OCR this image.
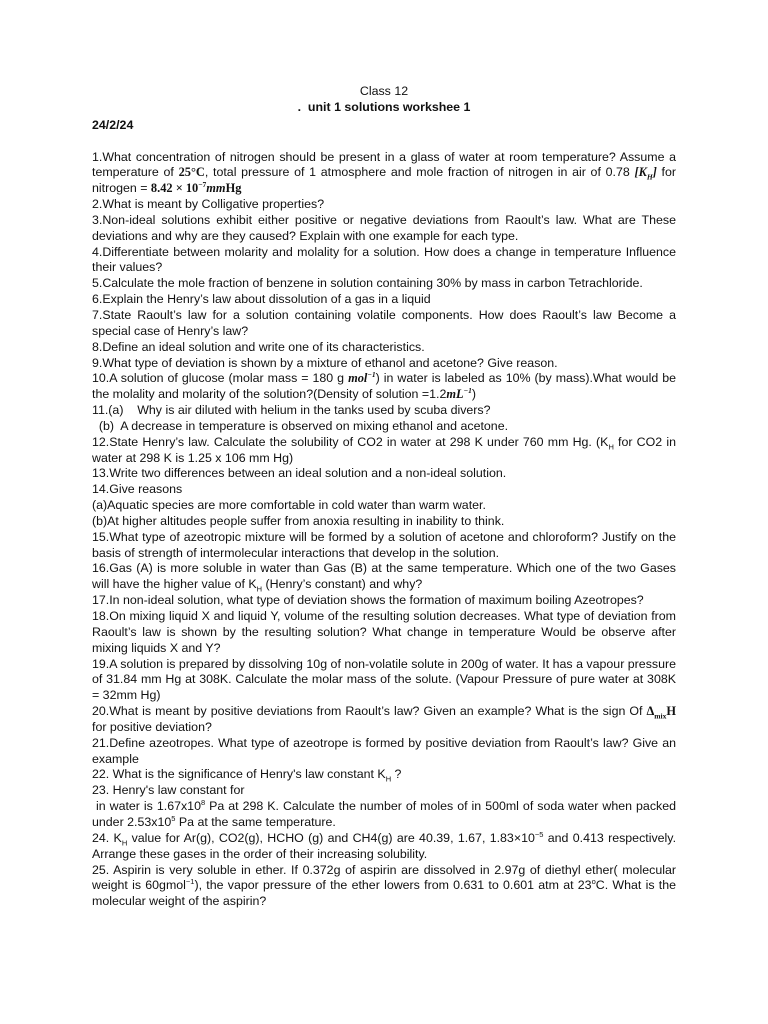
Class 12

. unit 1 solutions workshee 1

24/2/24

1.What concentration of nitrogen should be present in a glass of water at room temperature? Assume a temperature of 25°C, total pressure of 1 atmosphere and mole fraction of nitrogen in air of 0.78 $[K_H]$ for nitrogen = $8.42 \times 10^{-7}mmHg$

2.What is meant by Colligative properties?

3.Non-ideal solutions exhibit either positive or negative deviations from Raoult’s law. What are These deviations and why are they caused? Explain with one example for each type.

4.Differentiate between molarity and molality for a solution. How does a change in temperature Influence their values?

5.Calculate the mole fraction of benzene in solution containing 30% by mass in carbon Tetrachloride.

6.Explain the Henry’s law about dissolution of a gas in a liquid

7.State Raoult’s law for a solution containing volatile components. How does Raoult’s law Become a special case of Henry’s law?

8.Define an ideal solution and write one of its characteristics.

9.What type of deviation is shown by a mixture of ethanol and acetone? Give reason.

10.A solution of glucose (molar mass = 180 g mol$^{-1}$) in water is labeled as 10% (by mass).What would be the molality and molarity of the solution?(Density of solution $=1.2mL^{-1}$)

11.(a)    Why is air diluted with helium in the tanks used by scuba divers?

(b)  A decrease in temperature is observed on mixing ethanol and acetone.

12.State Henry’s law. Calculate the solubility of CO2 in water at 298 K under 760 mm Hg. ($K_H$ for CO2 in water at 298 K is 1.25 x 106 mm Hg)

13.Write two differences between an ideal solution and a non-ideal solution.

14.Give reasons

(a)Aquatic species are more comfortable in cold water than warm water.

(b)At higher altitudes people suffer from anoxia resulting in inability to think.

15.What type of azeotropic mixture will be formed by a solution of acetone and chloroform? Justify on the basis of strength of intermolecular interactions that develop in the solution.

16.Gas (A) is more soluble in water than Gas (B) at the same temperature. Which one of the two Gases will have the higher value of $K_H$ (Henry’s constant) and why?

17.In non-ideal solution, what type of deviation shows the formation of maximum boiling Azeotropes?

18.On mixing liquid X and liquid Y, volume of the resulting solution decreases. What type of deviation from Raoult’s law is shown by the resulting solution? What change in temperature Would be observe after mixing liquids X and Y?

19.A solution is prepared by dissolving 10g of non-volatile solute in 200g of water. It has a vapour pressure of 31.84 mm Hg at 308K. Calculate the molar mass of the solute. (Vapour Pressure of pure water at 308K = 32mm Hg)

20.What is meant by positive deviations from Raoult’s law? Given an example? What is the sign Of $\Delta_{mix}H$ for positive deviation?

21.Define azeotropes. What type of azeotrope is formed by positive deviation from Raoult’s law? Give an example

22. What is the significance of Henry's law constant $K_H$ ?

23. Henry's law constant for

in water is $1.67x10^8$ Pa at 298 K. Calculate the number of moles of in 500ml of soda water when packed under $2.53x10^5$ Pa at the same temperature.

24. $K_H$ value for Ar(g), CO2(g), HCHO (g) and CH4(g) are 40.39, 1.67, $1.83\times 10^{-5}$ and 0.413 respectively. Arrange these gases in the order of their increasing solubility.

25. Aspirin is very soluble in ether. If 0.372g of aspirin are dissolved in 2.97g of diethyl ether( molecular weight is 60gmol$^{-1}$), the vapor pressure of the ether lowers from 0.631 to 0.601 atm at 23$^o$C. What is the molecular weight of the aspirin?
